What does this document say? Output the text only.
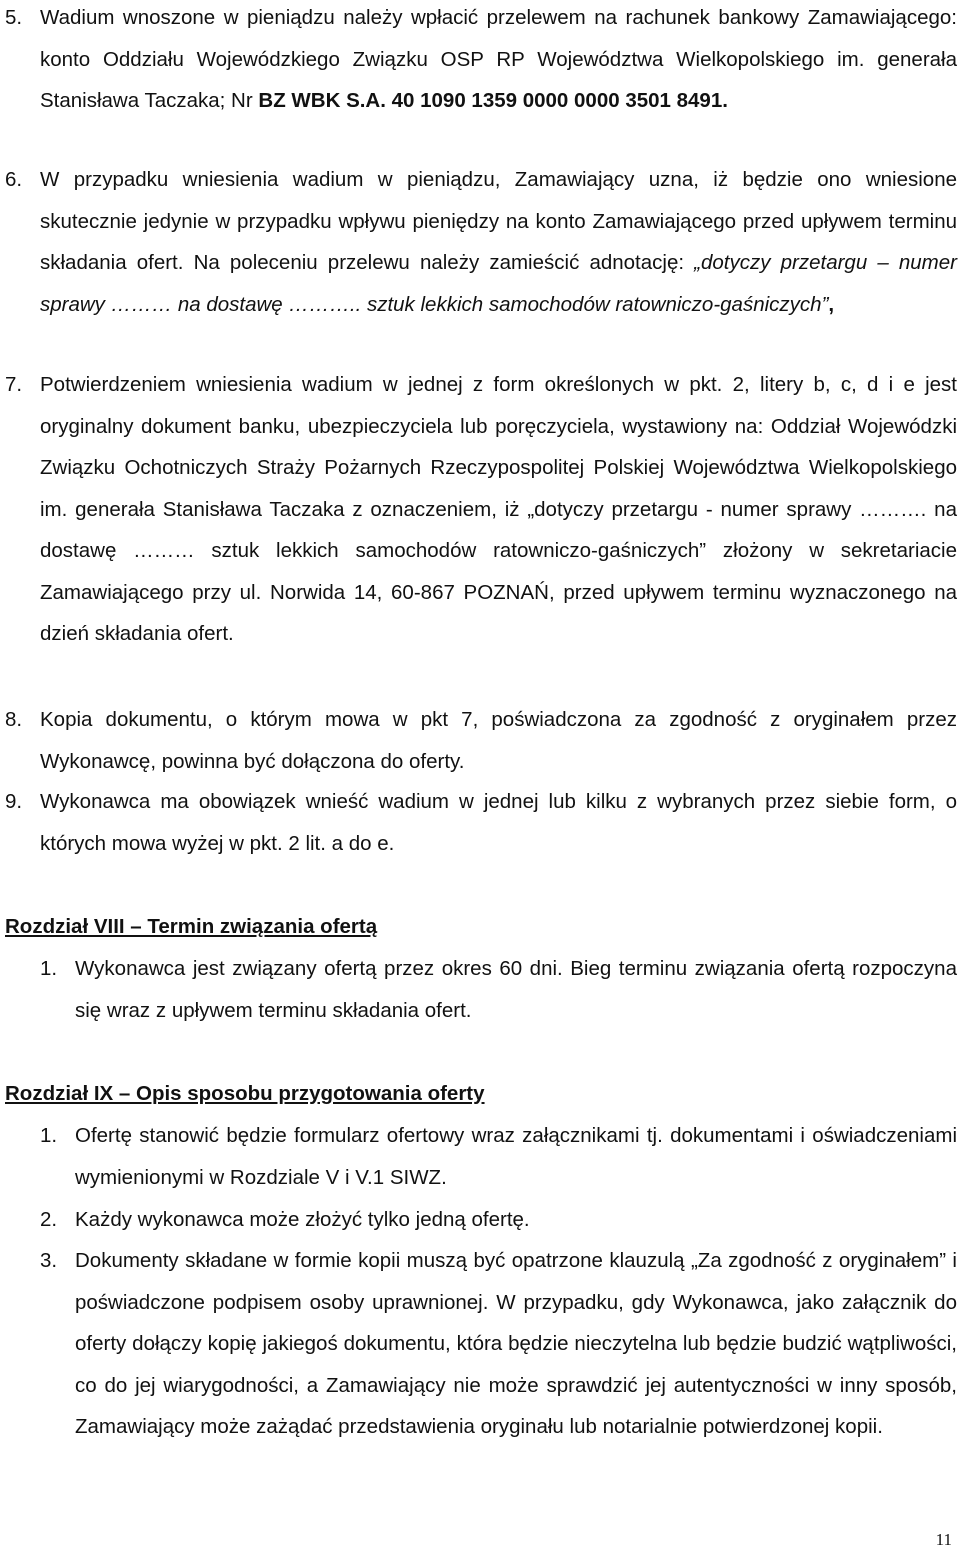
5. Wadium wnoszone w pieniądzu należy wpłacić przelewem na rachunek bankowy Zamawiającego: konto Oddziału Wojewódzkiego Związku OSP RP Województwa Wielkopolskiego im. generała Stanisława Taczaka; Nr BZ WBK S.A. 40 1090 1359 0000 0000 3501 8491.
6. W przypadku wniesienia wadium w pieniądzu, Zamawiający uzna, iż będzie ono wniesione skutecznie jedynie w przypadku wpływu pieniędzy na konto Zamawiającego przed upływem terminu składania ofert. Na poleceniu przelewu należy zamieścić adnotację: „dotyczy przetargu – numer sprawy ……… na dostawę ……….. sztuk lekkich samochodów ratowniczo-gaśniczych”,
7. Potwierdzeniem wniesienia wadium w jednej z form określonych w pkt. 2, litery b, c, d i e jest oryginalny dokument banku, ubezpieczyciela lub poręczyciela, wystawiony na: Oddział Wojewódzki Związku Ochotniczych Straży Pożarnych Rzeczypospolitej Polskiej Województwa Wielkopolskiego im. generała Stanisława Taczaka z oznaczeniem, iż „dotyczy przetargu - numer sprawy ………. na dostawę ……… sztuk lekkich samochodów ratowniczo-gaśniczych” złożony w sekretariacie Zamawiającego przy ul. Norwida 14, 60-867 POZNAŃ, przed upływem terminu wyznaczonego na dzień składania ofert.
8. Kopia dokumentu, o którym mowa w pkt 7, poświadczona za zgodność z oryginałem przez Wykonawcę, powinna być dołączona do oferty.
9. Wykonawca ma obowiązek wnieść wadium w jednej lub kilku z wybranych przez siebie form, o których mowa wyżej w pkt. 2 lit. a do e.
Rozdział VIII – Termin związania ofertą
1. Wykonawca jest związany ofertą przez okres 60 dni. Bieg terminu związania ofertą rozpoczyna się wraz z upływem terminu składania ofert.
Rozdział IX – Opis sposobu przygotowania oferty
1. Ofertę stanowić będzie formularz ofertowy wraz załącznikami tj. dokumentami i oświadczeniami wymienionymi w Rozdziale V i V.1 SIWZ.
2. Każdy wykonawca może złożyć tylko jedną ofertę.
3. Dokumenty składane w formie kopii muszą być opatrzone klauzulą „Za zgodność z oryginałem” i poświadczone podpisem osoby uprawnionej. W przypadku, gdy Wykonawca, jako załącznik do oferty dołączy kopię jakiegoś dokumentu, która będzie nieczytelna lub będzie budzić wątpliwości, co do jej wiarygodności, a Zamawiający nie może sprawdzić jej autentyczności w inny sposób, Zamawiający może zażądać przedstawienia oryginału lub notarialnie potwierdzonej kopii.
11
